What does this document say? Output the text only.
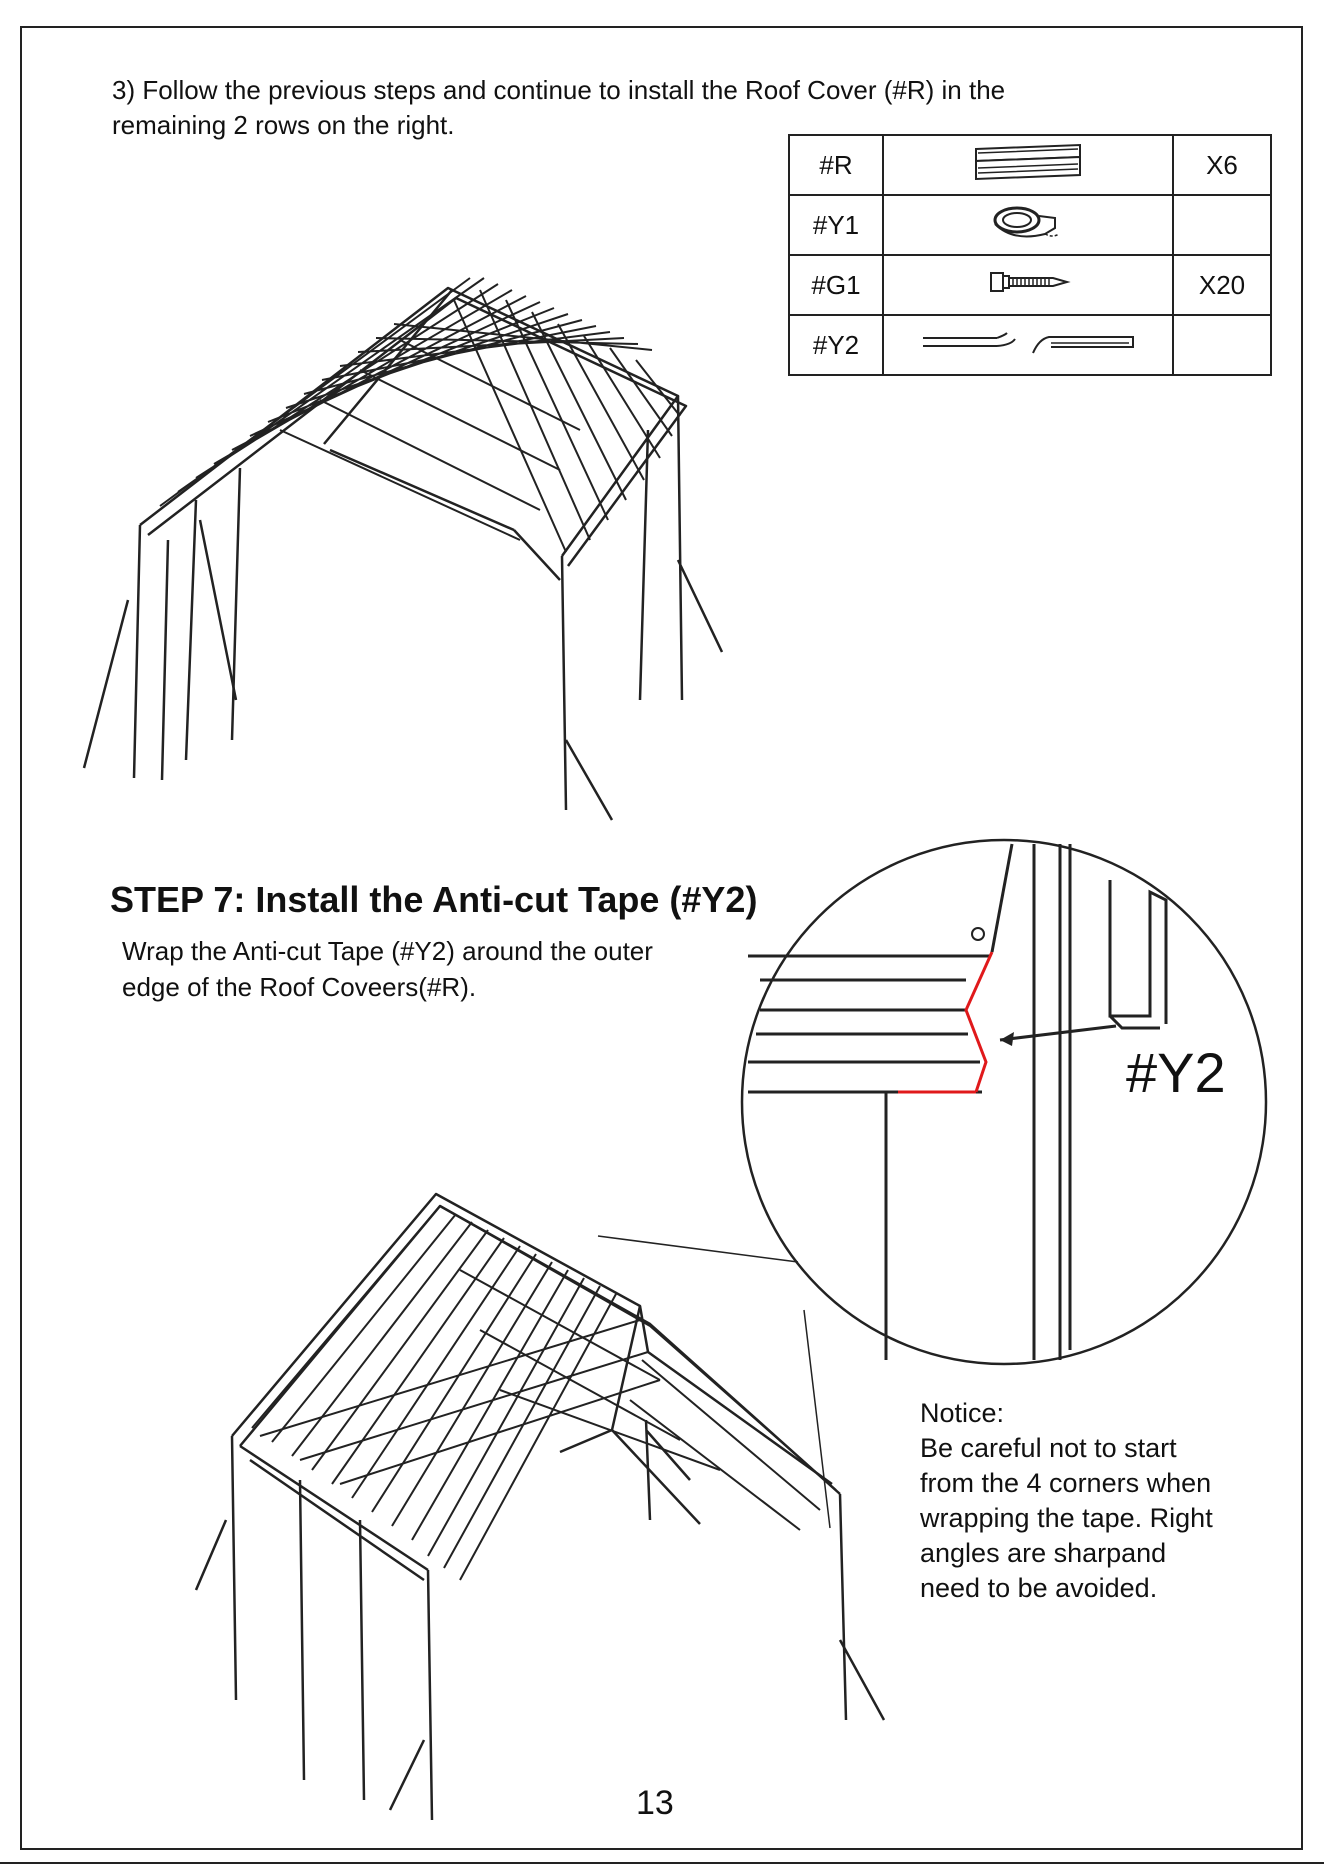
3) Follow the previous steps and continue to install the Roof Cover (#R) in the
remaining 2 rows on the right.
#R		X6
#Y1		
#G1		X20
#Y2		
STEP 7: Install the Anti-cut Tape (#Y2)
Wrap the Anti-cut Tape (#Y2) around the outer
edge of the Roof Coveers(#R).
#Y2
Notice:
Be careful not to start
from the 4 corners when
wrapping the tape. Right
angles are sharpand
need to be avoided.
13
